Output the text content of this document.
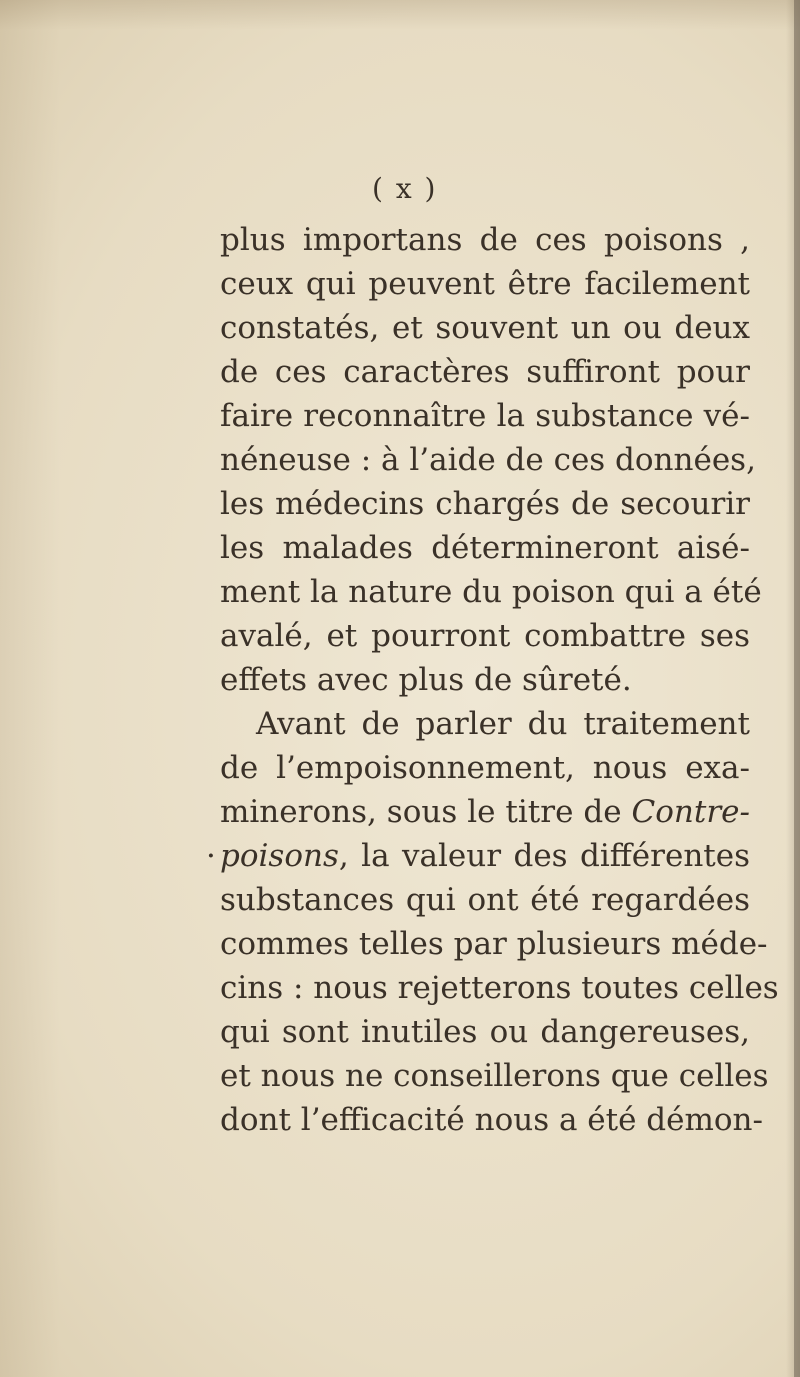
( x )
plus importans de ces poisons ,
ceux qui peuvent être facilement
constatés, et souvent un ou deux
de ces caractères suffiront pour
faire reconnaître la substance vé-
néneuse : à l’aide de ces données,
les médecins chargés de secourir
les malades détermineront aisé-
ment la nature du poison qui a été
avalé, et pourront combattre ses
effets avec plus de sûreté.
Avant de parler du traitement
de l’empoisonnement, nous exa-
minerons, sous le titre de Contre-
· poisons, la valeur des différentes
substances qui ont été regardées
commes telles par plusieurs méde-
cins : nous rejetterons toutes celles
qui sont inutiles ou dangereuses,
et nous ne conseillerons que celles
dont l’efficacité nous a été démon-
